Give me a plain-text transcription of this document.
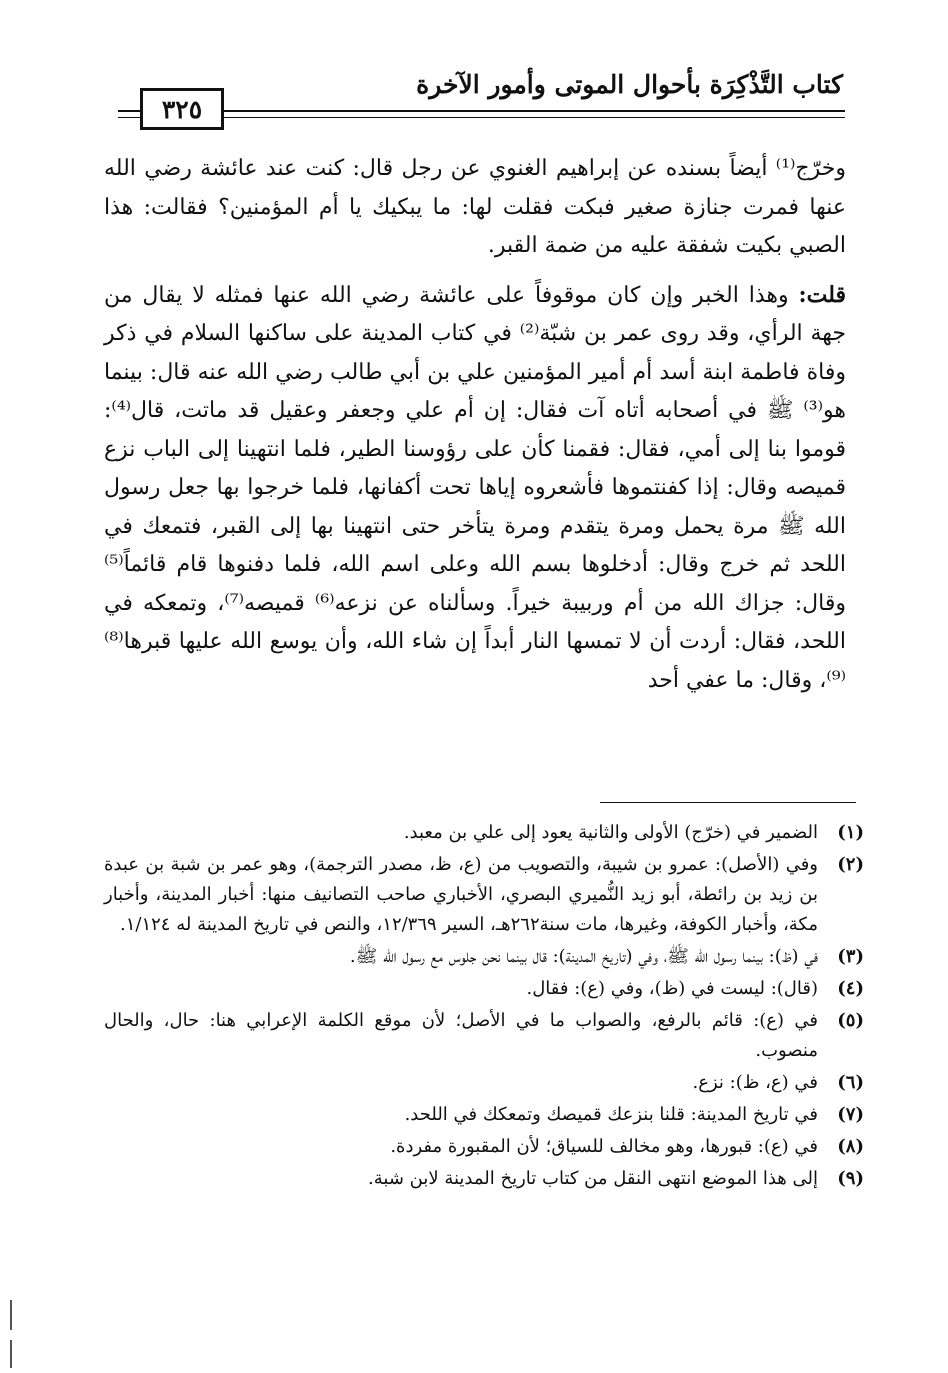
كتاب التَّذْكِرَة بأحوال الموتى وأمور الآخرة
٣٢٥

وخرّج⁽¹⁾ أيضاً بسنده عن إبراهيم الغنوي عن رجل قال: كنت عند عائشة رضي الله عنها فمرت جنازة صغير فبكت فقلت لها: ما يبكيك يا أم المؤمنين؟ فقالت: هذا الصبي بكيت شفقة عليه من ضمة القبر.

قلت: وهذا الخبر وإن كان موقوفاً على عائشة رضي الله عنها فمثله لا يقال من جهة الرأي، وقد روى عمر بن شبّة⁽²⁾ في كتاب المدينة على ساكنها السلام في ذكر وفاة فاطمة ابنة أسد أم أمير المؤمنين علي بن أبي طالب رضي الله عنه قال: بينما هو⁽³⁾ ﷺ في أصحابه أتاه آت فقال: إن أم علي وجعفر وعقيل قد ماتت، قال⁽⁴⁾: قوموا بنا إلى أمي، فقال: فقمنا كأن على رؤوسنا الطير، فلما انتهينا إلى الباب نزع قميصه وقال: إذا كفنتموها فأشعروه إياها تحت أكفانها، فلما خرجوا بها جعل رسول الله ﷺ مرة يحمل ومرة يتقدم ومرة يتأخر حتى انتهينا بها إلى القبر، فتمعك في اللحد ثم خرج وقال: أدخلوها بسم الله وعلى اسم الله، فلما دفنوها قام قائماً⁽⁵⁾ وقال: جزاك الله من أم وربيبة خيراً. وسألناه عن نزعه⁽⁶⁾ قميصه⁽⁷⁾، وتمعكه في اللحد، فقال: أردت أن لا تمسها النار أبداً إن شاء الله، وأن يوسع الله عليها قبرها⁽⁸⁾⁽⁹⁾، وقال: ما عفي أحد

(١)
الضمير في (خرّج) الأولى والثانية يعود إلى علي بن معبد.
(٢)
وفي (الأصل): عمرو بن شيبة، والتصويب من (ع، ظ، مصدر الترجمة)، وهو عمر بن شبة بن عبدة بن زيد بن رائطة، أبو زيد النُّميري البصري، الأخباري صاحب التصانيف منها: أخبار المدينة، وأخبار مكة، وأخبار الكوفة، وغيرها، مات سنة٢٦٢هـ، السير ١٢/٣٦٩، والنص في تاريخ المدينة له ١/١٢٤.
(٣)
في (ظ): بينما رسول الله ﷺ، وفي (تاريخ المدينة): قال بينما نحن جلوس مع رسول الله ﷺ.
(٤)
(قال): ليست في (ظ)، وفي (ع): فقال.
(٥)
في (ع): قائم بالرفع، والصواب ما في الأصل؛ لأن موقع الكلمة الإعرابي هنا: حال، والحال منصوب.
(٦)
في (ع، ظ): نزع.
(٧)
في تاريخ المدينة: قلنا بنزعك قميصك وتمعكك في اللحد.
(٨)
في (ع): قبورها، وهو مخالف للسياق؛ لأن المقبورة مفردة.
(٩)
إلى هذا الموضع انتهى النقل من كتاب تاريخ المدينة لابن شبة.
